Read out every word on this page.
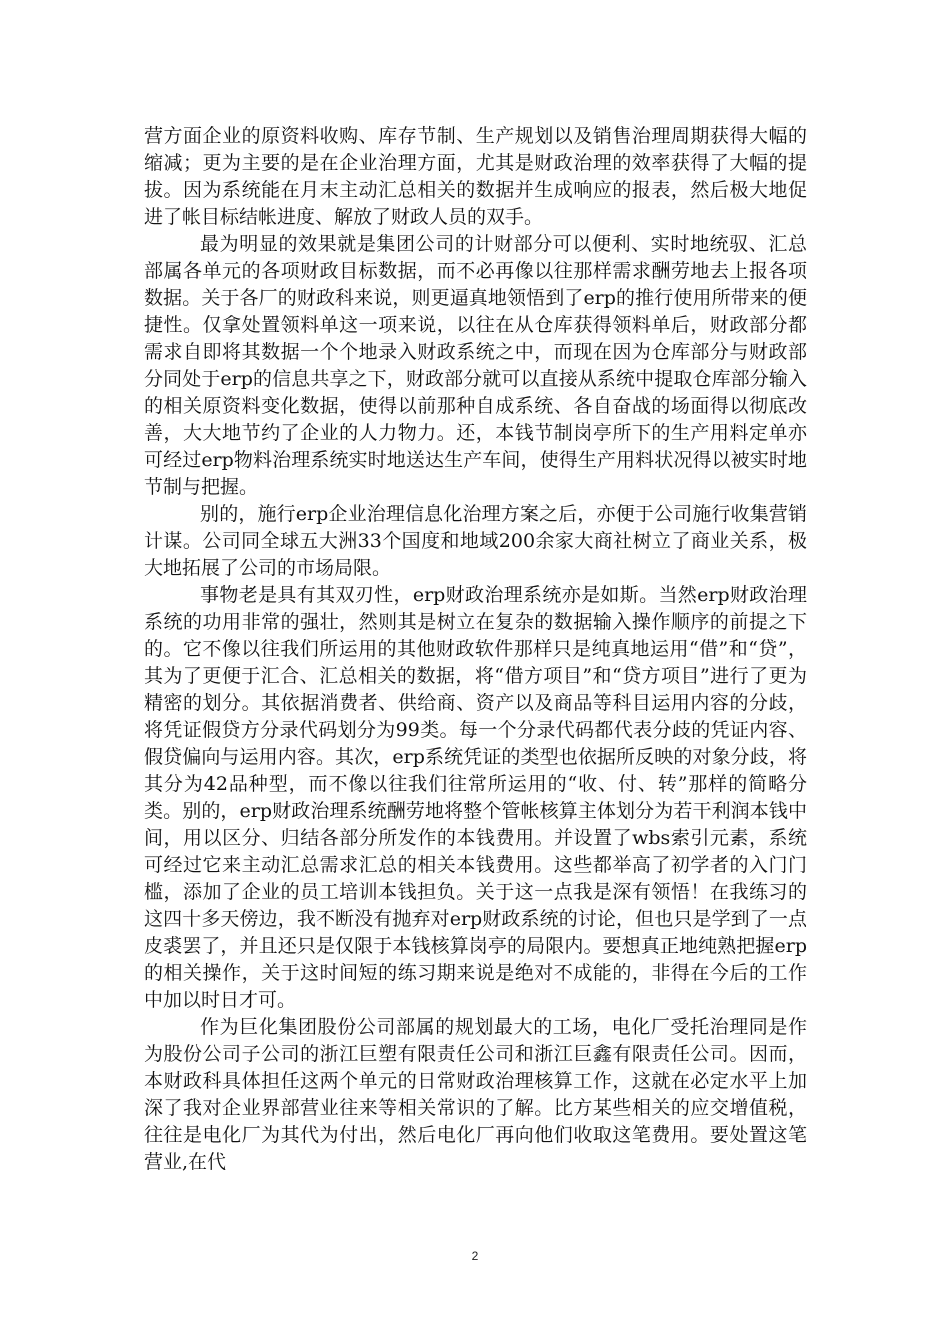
营方面企业的原资料收购、库存节制、生产规划以及销售治理周期获得大幅的缩减；更为主要的是在企业治理方面，尤其是财政治理的效率获得了大幅的提拔。因为系统能在月末主动汇总相关的数据并生成响应的报表，然后极大地促进了帐目标结帐进度、解放了财政人员的双手。

最为明显的效果就是集团公司的计财部分可以便利、实时地统驭、汇总部属各单元的各项财政目标数据，而不必再像以往那样需求酬劳地去上报各项数据。关于各厂的财政科来说，则更逼真地领悟到了erp的推行使用所带来的便捷性。仅拿处置领料单这一项来说，以往在从仓库获得领料单后，财政部分都需求自即将其数据一个个地录入财政系统之中，而现在因为仓库部分与财政部分同处于erp的信息共享之下，财政部分就可以直接从系统中提取仓库部分输入的相关原资料变化数据，使得以前那种自成系统、各自奋战的场面得以彻底改善，大大地节约了企业的人力物力。还，本钱节制岗亭所下的生产用料定单亦可经过erp物料治理系统实时地送达生产车间，使得生产用料状况得以被实时地节制与把握。

别的，施行erp企业治理信息化治理方案之后，亦便于公司施行收集营销计谋。公司同全球五大洲33个国度和地域200余家大商社树立了商业关系，极大地拓展了公司的市场局限。

事物老是具有其双刃性，erp财政治理系统亦是如斯。当然erp财政治理系统的功用非常的强壮，然则其是树立在复杂的数据输入操作顺序的前提之下的。它不像以往我们所运用的其他财政软件那样只是纯真地运用“借”和“贷”，其为了更便于汇合、汇总相关的数据，将“借方项目”和“贷方项目”进行了更为精密的划分。其依据消费者、供给商、资产以及商品等科目运用内容的分歧，将凭证假贷方分录代码划分为99类。每一个分录代码都代表分歧的凭证内容、假贷偏向与运用内容。其次，erp系统凭证的类型也依据所反映的对象分歧，将其分为42品种型，而不像以往我们往常所运用的“收、付、转”那样的简略分类。别的，erp财政治理系统酬劳地将整个管帐核算主体划分为若干利润本钱中间，用以区分、归结各部分所发作的本钱费用。并设置了wbs索引元素，系统可经过它来主动汇总需求汇总的相关本钱费用。这些都举高了初学者的入门门槛，添加了企业的员工培训本钱担负。关于这一点我是深有领悟！在我练习的这四十多天傍边，我不断没有抛弃对erp财政系统的讨论，但也只是学到了一点皮裘罢了，并且还只是仅限于本钱核算岗亭的局限内。要想真正地纯熟把握erp的相关操作，关于这时间短的练习期来说是绝对不成能的，非得在今后的工作中加以时日才可。

作为巨化集团股份公司部属的规划最大的工场，电化厂受托治理同是作为股份公司子公司的浙江巨塑有限责任公司和浙江巨鑫有限责任公司。因而，本财政科具体担任这两个单元的日常财政治理核算工作，这就在必定水平上加深了我对企业界部营业往来等相关常识的了解。比方某些相关的应交增值税，往往是电化厂为其代为付出，然后电化厂再向他们收取这笔费用。要处置这笔营业,在代

2
